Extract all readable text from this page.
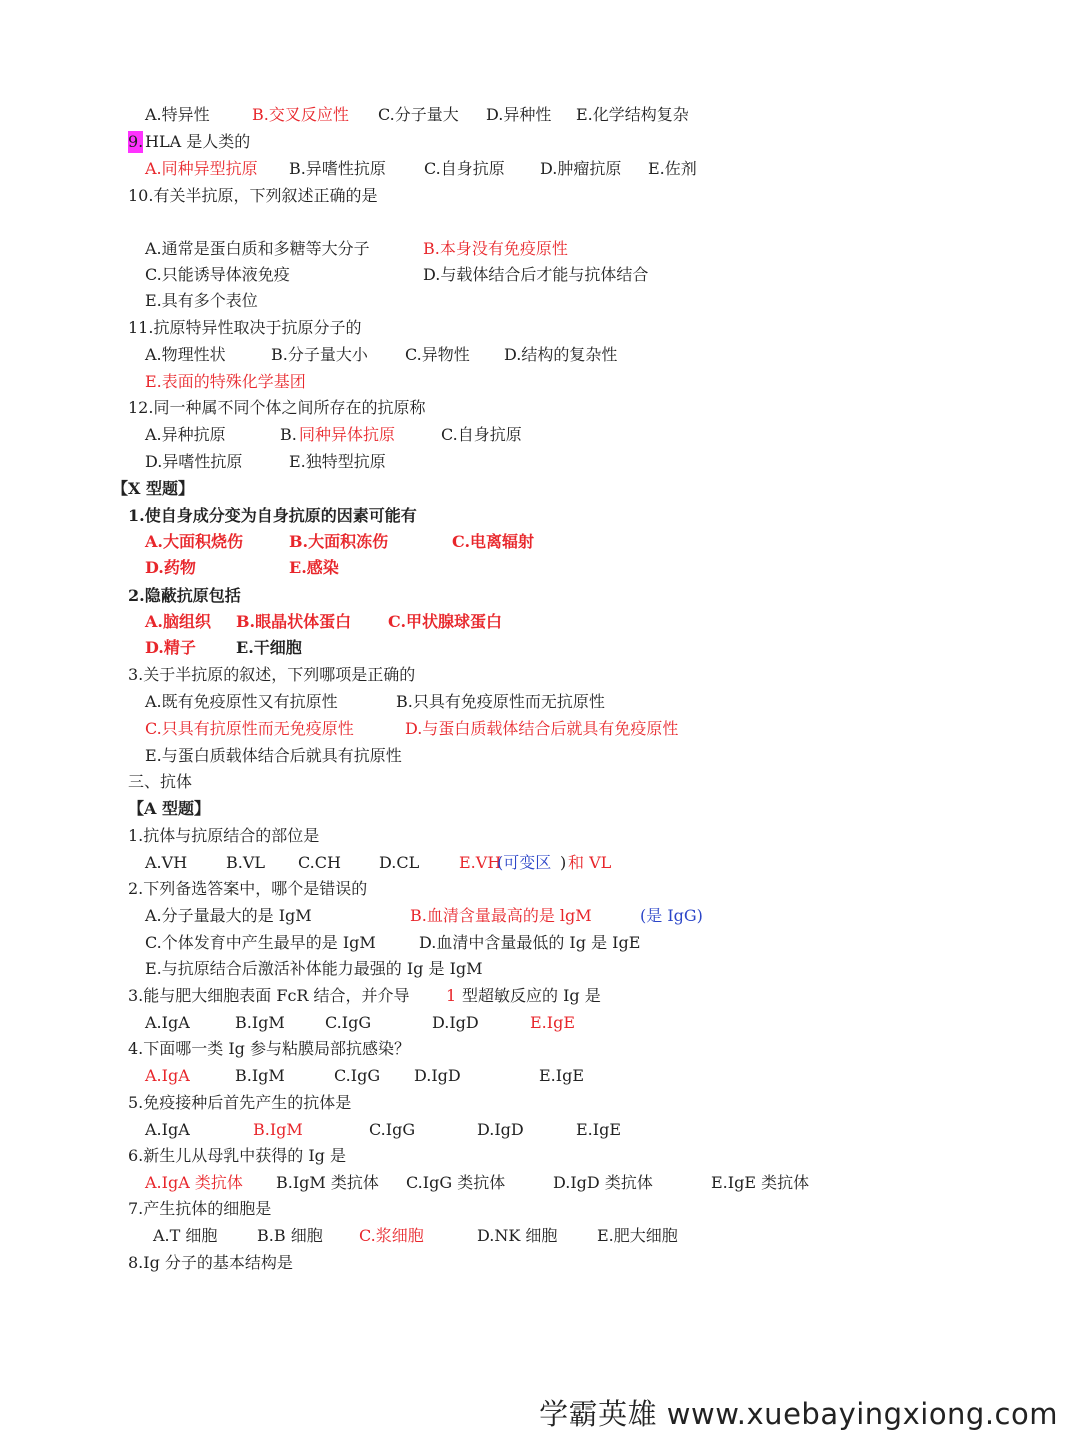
A.特异性	B.交叉反应性 C.分子量大 D.异种性 E.化学结构复杂
9. HLA 是人类的
A.同种异型抗原 B.异嗜性抗原 C.自身抗原 D.肿瘤抗原 E.佐剂
10.有关半抗原，下列叙述正确的是
A.通常是蛋白质和多糖等大分子	B.本身没有免疫原性
C.只能诱导体液免疫	D.与载体结合后才能与抗体结合
E.具有多个表位
11.抗原特异性取决于抗原分子的
A.物理性状	B.分子量大小 C.异物性 D.结构的复杂性
E.表面的特殊化学基团
12.同一种属不同个体之间所存在的抗原称
A.异种抗原	B. 同种异体抗原	C.自身抗原
D.异嗜性抗原	E.独特型抗原
【X 型题】
1.使自身成分变为自身抗原的因素可能有
A.大面积烧伤	B.大面积冻伤	C.电离辐射
D.药物	E.感染
2.隐蔽抗原包括
A.脑组织 B.眼晶状体蛋白 C.甲状腺球蛋白
D.精子	E.干细胞
3.关于半抗原的叙述，下列哪项是正确的
A.既有免疫原性又有抗原性	B.只具有免疫原性而无抗原性
C.只具有抗原性而无免疫原性	D.与蛋白质载体结合后就具有免疫原性
E.与蛋白质载体结合后就具有抗原性
三、抗体
【A 型题】
1.抗体与抗原结合的部位是
A.VH B.VL C.CH D.CL E.VH
(可变区 ) 和 VL
2.下列备选答案中，哪个是错误的
A.分子量最大的是 IgM	B.血清含量最高的是 lgM	(是 IgG)
C.个体发育中产生最早的是 IgM	D.血清中含量最低的 Ig 是 IgE
E.与抗原结合后激活补体能力最强的 Ig 是 IgM
3.能与肥大细胞表面 FcR 结合，并介导 1 型超敏反应的 Ig 是
A.IgA	B.IgM	C.IgG	D.IgD	E.IgE
4.下面哪一类 Ig 参与粘膜局部抗感染？
A.IgA	B.IgM	C.IgG D.IgD	E.IgE
5.免疫接种后首先产生的抗体是
A.IgA	B.IgM	C.IgG	D.IgD	E.IgE
6.新生儿从母乳中获得的 Ig 是
A.IgA 类抗体 B.IgM 类抗体 C.IgG 类抗体	D.IgD 类抗体	E.IgE 类抗体
7.产生抗体的细胞是
A.T 细胞 B.B 细胞 C.浆细胞	D.NK 细胞 E.肥大细胞
8.Ig 分子的基本结构是
学霸英雄 www.xuebayingxiong.com
